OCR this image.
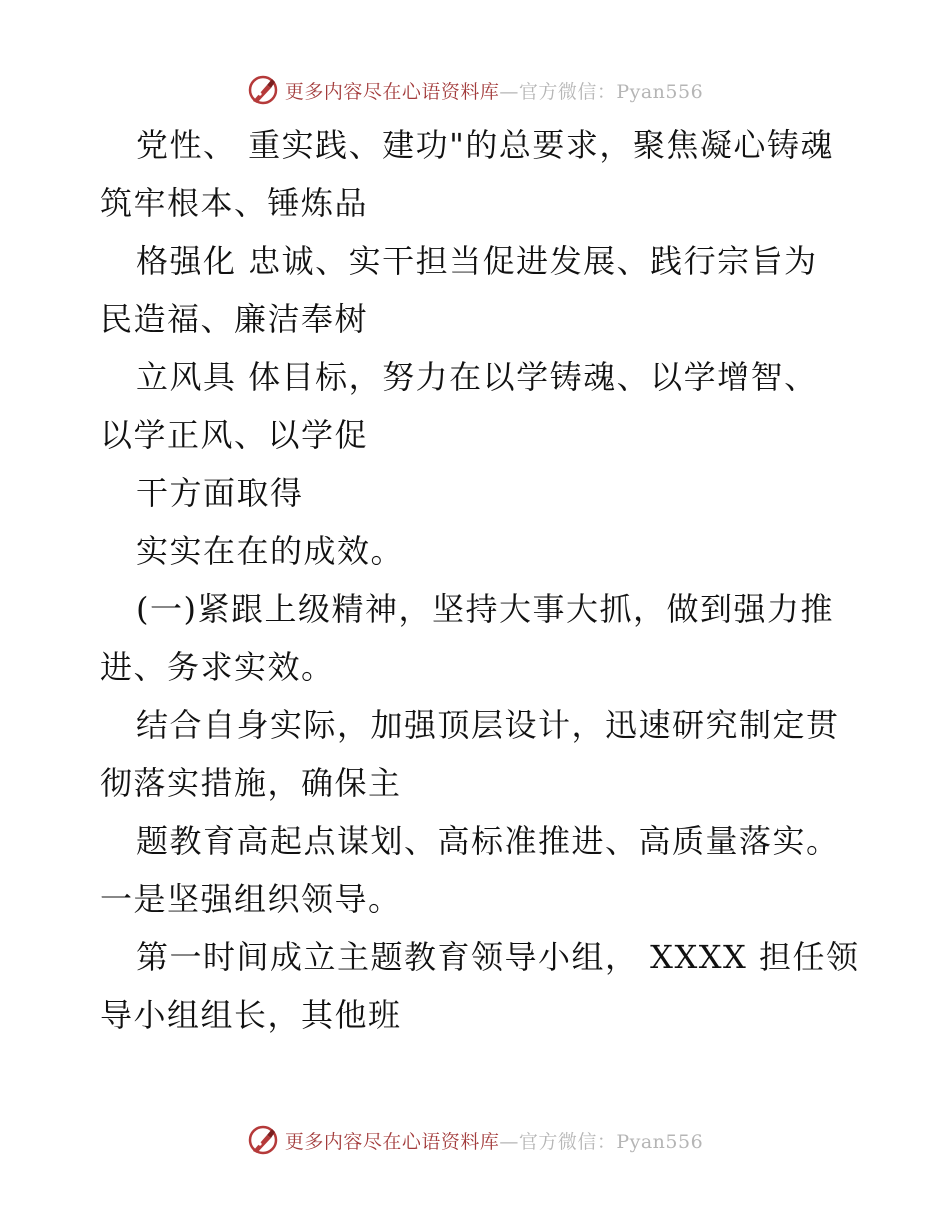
更多内容尽在心语资料库—官方微信：Pyan556
党性、 重实践、建功"的总要求，聚焦凝心铸魂
筑牢根本、锤炼品
格强化 忠诚、实干担当促进发展、践行宗旨为
民造福、廉洁奉树
立风具 体目标，努力在以学铸魂、以学增智、
以学正风、以学促
干方面取得
实实在在的成效。
(一)紧跟上级精神，坚持大事大抓，做到强力推
进、务求实效。
结合自身实际，加强顶层设计，迅速研究制定贯
彻落实措施，确保主
题教育高起点谋划、高标准推进、高质量落实。
一是坚强组织领导。
第一时间成立主题教育领导小组， XXXX 担任领
导小组组长，其他班
更多内容尽在心语资料库—官方微信：Pyan556
